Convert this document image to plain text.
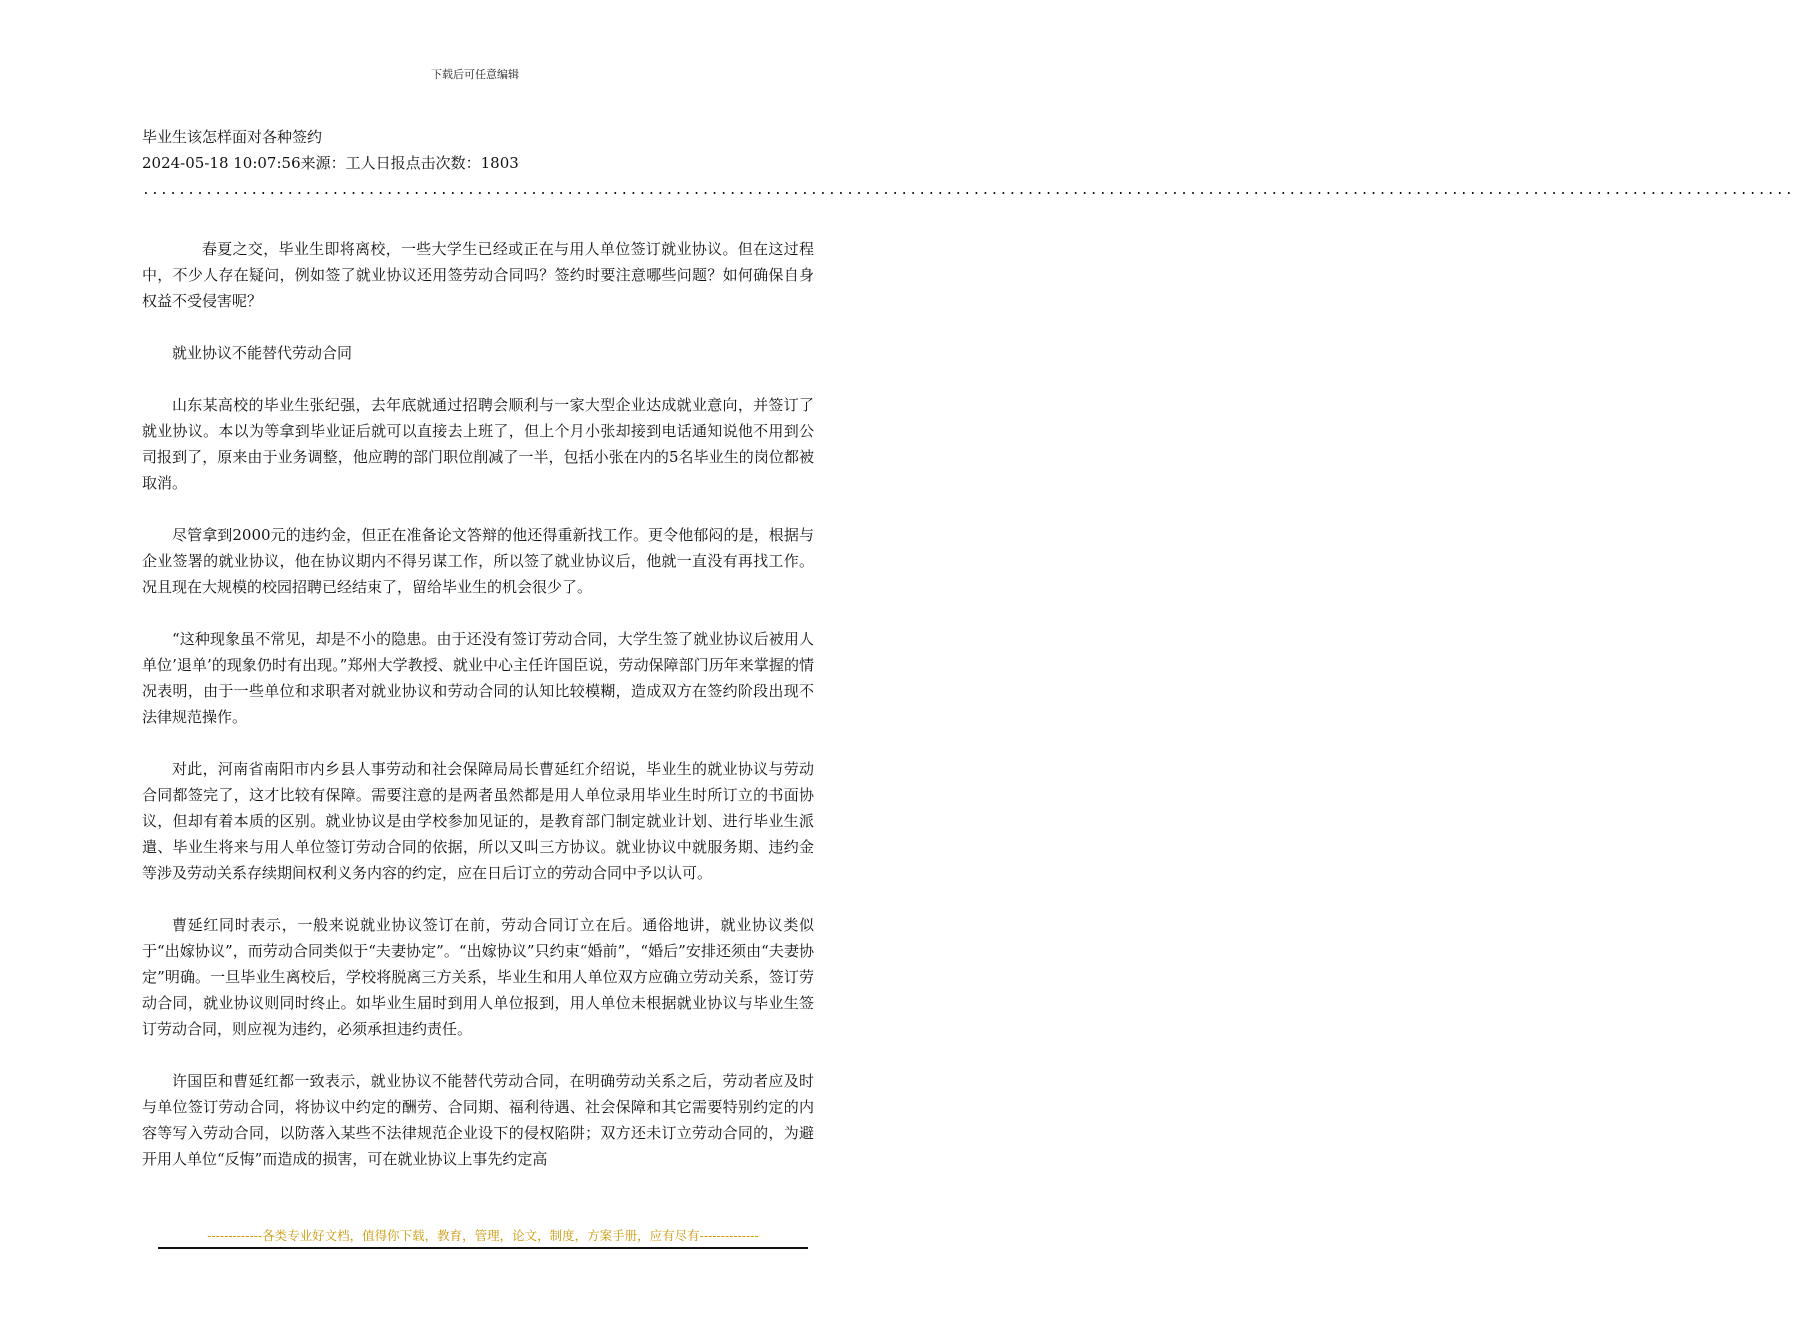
下载后可任意编辑

毕业生该怎样面对各种签约

2024-05-18 10:07:56来源：工人日报点击次数：1803

.......................................................................................................................................................................................

春夏之交，毕业生即将离校，一些大学生已经或正在与用人单位签订就业协议。但在这过程中，不少人存在疑问，例如签了就业协议还用签劳动合同吗？签约时要注意哪些问题？如何确保自身权益不受侵害呢？

就业协议不能替代劳动合同

山东某高校的毕业生张纪强，去年底就通过招聘会顺利与一家大型企业达成就业意向，并签订了就业协议。本以为等拿到毕业证后就可以直接去上班了，但上个月小张却接到电话通知说他不用到公司报到了，原来由于业务调整，他应聘的部门职位削减了一半，包括小张在内的5名毕业生的岗位都被取消。

尽管拿到2000元的违约金，但正在准备论文答辩的他还得重新找工作。更令他郁闷的是，根据与企业签署的就业协议，他在协议期内不得另谋工作，所以签了就业协议后，他就一直没有再找工作。况且现在大规模的校园招聘已经结束了，留给毕业生的机会很少了。

“这种现象虽不常见，却是不小的隐患。由于还没有签订劳动合同，大学生签了就业协议后被用人单位’退单’的现象仍时有出现。”郑州大学教授、就业中心主任许国臣说，劳动保障部门历年来掌握的情况表明，由于一些单位和求职者对就业协议和劳动合同的认知比较模糊，造成双方在签约阶段出现不法律规范操作。

对此，河南省南阳市内乡县人事劳动和社会保障局局长曹延红介绍说，毕业生的就业协议与劳动合同都签完了，这才比较有保障。需要注意的是两者虽然都是用人单位录用毕业生时所订立的书面协议，但却有着本质的区别。就业协议是由学校参加见证的，是教育部门制定就业计划、进行毕业生派遣、毕业生将来与用人单位签订劳动合同的依据，所以又叫三方协议。就业协议中就服务期、违约金等涉及劳动关系存续期间权利义务内容的约定，应在日后订立的劳动合同中予以认可。

曹延红同时表示，一般来说就业协议签订在前，劳动合同订立在后。通俗地讲，就业协议类似于“出嫁协议”，而劳动合同类似于“夫妻协定”。“出嫁协议”只约束“婚前”，“婚后”安排还须由“夫妻协定”明确。一旦毕业生离校后，学校将脱离三方关系，毕业生和用人单位双方应确立劳动关系，签订劳动合同，就业协议则同时终止。如毕业生届时到用人单位报到，用人单位未根据就业协议与毕业生签订劳动合同，则应视为违约，必须承担违约责任。

许国臣和曹延红都一致表示，就业协议不能替代劳动合同，在明确劳动关系之后，劳动者应及时与单位签订劳动合同，将协议中约定的酬劳、合同期、福利待遇、社会保障和其它需要特别约定的内容等写入劳动合同，以防落入某些不法律规范企业设下的侵权陷阱；双方还未订立劳动合同的，为避开用人单位“反悔”而造成的损害，可在就业协议上事先约定高

-------------各类专业好文档，值得你下载，教育，管理，论文，制度，方案手册，应有尽有--------------
